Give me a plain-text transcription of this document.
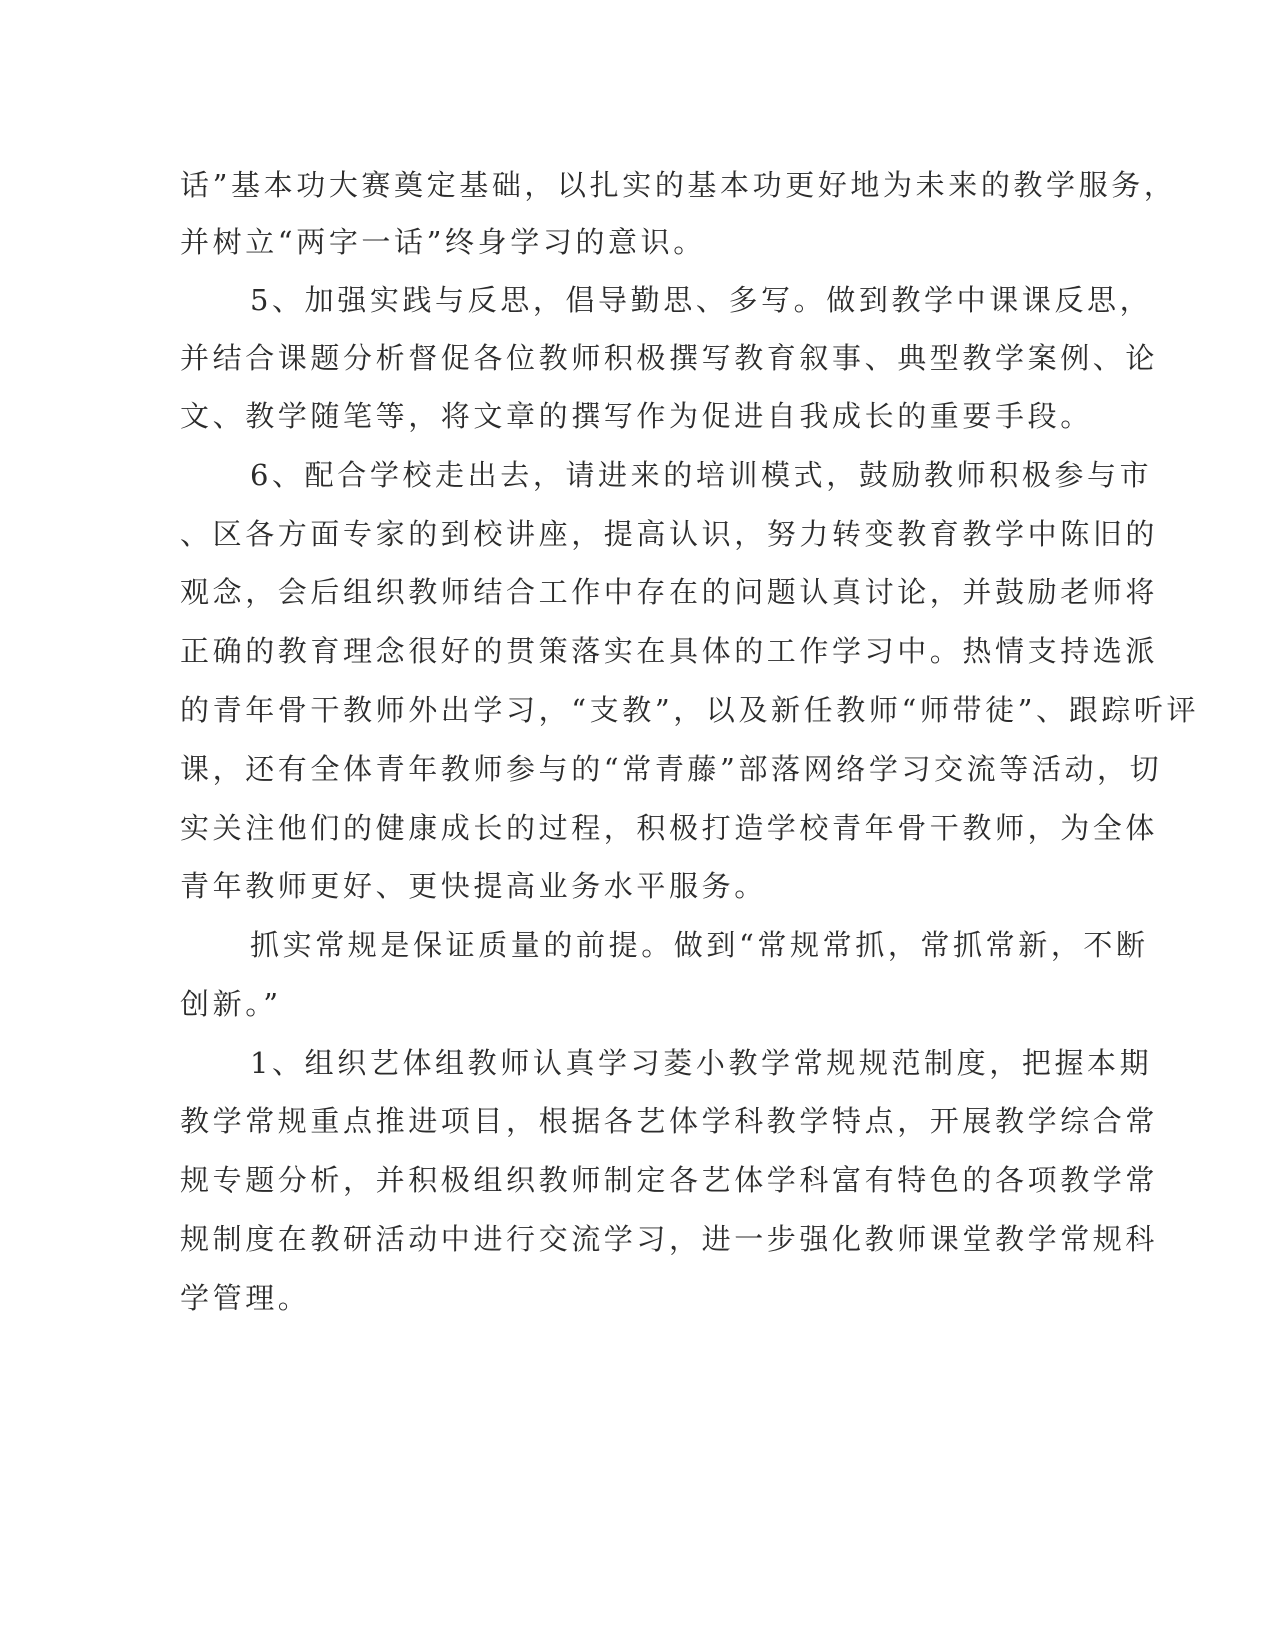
话”基本功大赛奠定基础，以扎实的基本功更好地为未来的教学服务，
并树立“两字一话”终身学习的意识。
5、加强实践与反思，倡导勤思、多写。做到教学中课课反思，
并结合课题分析督促各位教师积极撰写教育叙事、典型教学案例、论
文、教学随笔等，将文章的撰写作为促进自我成长的重要手段。
6、配合学校走出去，请进来的培训模式，鼓励教师积极参与市
、区各方面专家的到校讲座，提高认识，努力转变教育教学中陈旧的
观念，会后组织教师结合工作中存在的问题认真讨论，并鼓励老师将
正确的教育理念很好的贯策落实在具体的工作学习中。热情支持选派
的青年骨干教师外出学习，“支教”，以及新任教师“师带徒”、跟踪听评
课，还有全体青年教师参与的“常青藤”部落网络学习交流等活动，切
实关注他们的健康成长的过程，积极打造学校青年骨干教师，为全体
青年教师更好、更快提高业务水平服务。
抓实常规是保证质量的前提。做到“常规常抓，常抓常新，不断
创新。”
1、组织艺体组教师认真学习菱小教学常规规范制度，把握本期
教学常规重点推进项目，根据各艺体学科教学特点，开展教学综合常
规专题分析，并积极组织教师制定各艺体学科富有特色的各项教学常
规制度在教研活动中进行交流学习，进一步强化教师课堂教学常规科
学管理。
